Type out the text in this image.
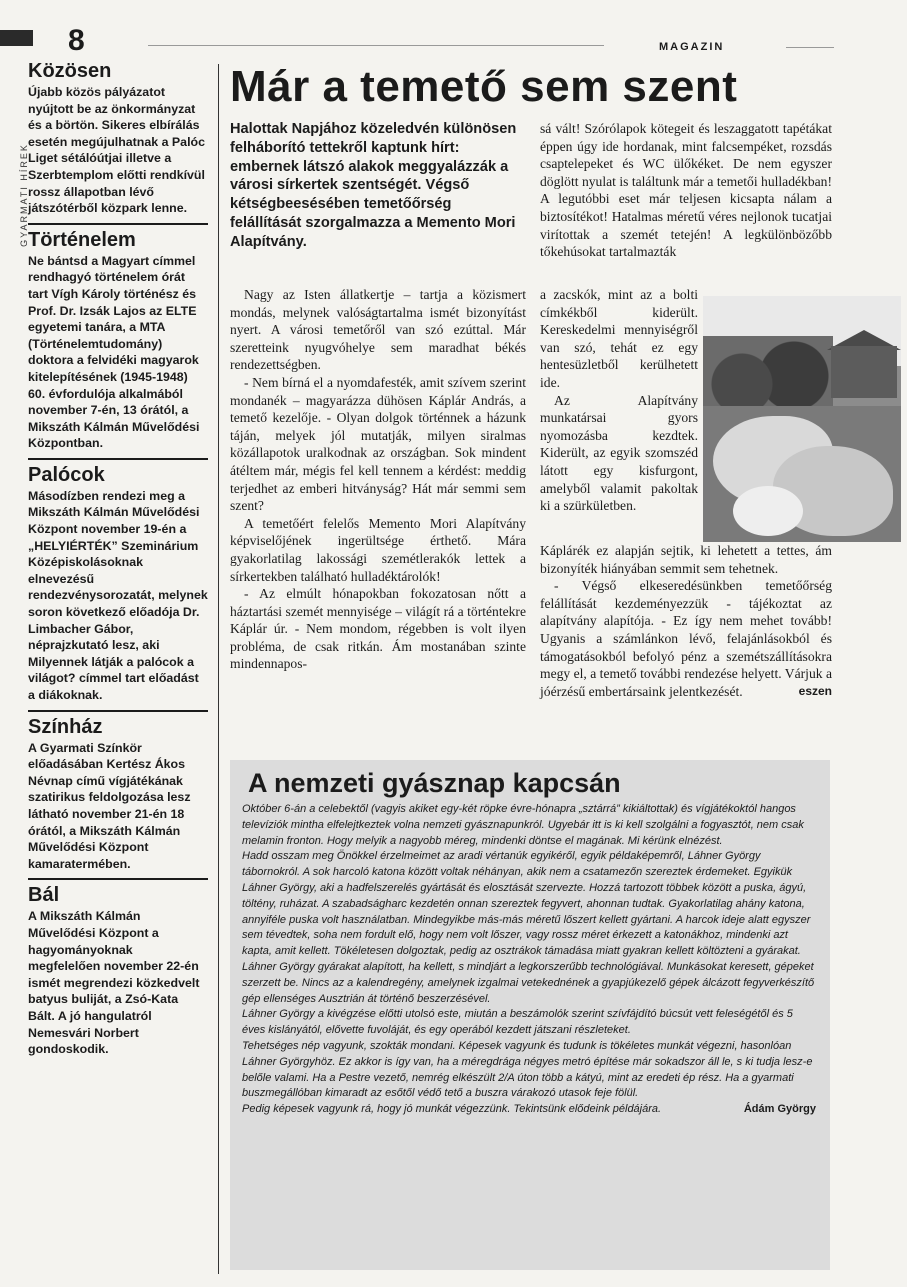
8	MAGAZIN
GYARMATI HÍREK
Közösen

Újabb közös pályázatot nyújtott be az önkormányzat és a börtön. Sikeres elbírálás esetén megújulhatnak a Palóc Liget sétálóútjai illetve a Szerbtemplom előtti rendkívül rossz állapotban lévő játszótérből közpark lenne.

Történelem

Ne bántsd a Magyart címmel rendhagyó történelem órát tart Vígh Károly történész és Prof. Dr. Izsák Lajos az ELTE egyetemi tanára, a MTA (Történelemtudomány) doktora a felvidéki magyarok kitelepítésének (1945-1948) 60. évfordulója alkalmából november 7-én, 13 órától, a Mikszáth Kálmán Művelődési Központban.

Palócok

Másodízben rendezi meg a Mikszáth Kálmán Művelődési Központ november 19-én a „HELYIÉRTÉK” Szeminárium Középiskolásoknak elnevezésű rendezvénysorozatát, melynek soron következő előadója Dr. Limbacher Gábor, néprajzkutató lesz, aki Milyennek látják a palócok a világot? címmel tart előadást a diákoknak.

Színház

A Gyarmati Színkör előadásában Kertész Ákos Névnap című vígjátékának szatirikus feldolgozása lesz látható november 21-én 18 órától, a Mikszáth Kálmán Művelődési Központ kamaratermében.

Bál

A Mikszáth Kálmán Művelődési Központ a hagyományoknak megfelelően november 22-én ismét megrendezi közkedvelt batyus buliját, a Zsó-Kata Bált. A jó hangulatról Nemesvári Norbert gondoskodik.

Már a temető sem szent

Halottak Napjához közeledvén különösen felháborító tettekről kaptunk hírt: embernek látszó alakok meggyalázzák a városi sírkertek szentségét. Végső kétségbeesésében temetőőrség felállítását szorgalmazza a Memento Mori Alapítvány.

Nagy az Isten állatkertje – tartja a közismert mondás, melynek valóságtartalma ismét bizonyítást nyert. A városi temetőről van szó ezúttal. Már szeretteink nyugvóhelye sem maradhat békés rendezettségben.

- Nem bírná el a nyomdafesték, amit szívem szerint mondanék – magyarázza dühösen Káplár András, a temető kezelője. - Olyan dolgok történnek a házunk táján, melyek jól mutatják, milyen siralmas közállapotok uralkodnak az országban. Sok mindent átéltem már, mégis fel kell tennem a kérdést: meddig terjedhet az emberi hitványság? Hát már semmi sem szent?

A temetőért felelős Memento Mori Alapítvány képviselőjének ingerültsége érthető. Mára gyakorlatilag lakossági szemétlerakók lettek a sírkertekben található hulladéktárolók!

- Az elmúlt hónapokban fokozatosan nőtt a háztartási szemét mennyisége – világít rá a történtekre Káplár úr. - Nem mondom, régebben is volt ilyen probléma, de csak ritkán. Ám mostanában szinte mindennapos-

sá vált! Szórólapok kötegeit és leszaggatott tapétákat éppen úgy ide hordanak, mint falcsempéket, rozsdás csaptelepeket és WC ülőkéket. De nem egyszer döglött nyulat is találtunk már a temetői hulladékban! A legutóbbi eset már teljesen kicsapta nálam a biztosítékot! Hatalmas méretű véres nejlonok tucatjai virítottak a szemét tetején! A legkülönbözőbb tőkehúsokat tartalmazták

a zacskók, mint az a bolti címkékből kiderült. Kereskedelmi mennyiségről van szó, tehát ez egy hentesüzletből kerülhetett ide.

Az Alapítvány munkatársai gyors nyomozásba kezdtek. Kiderült, az egyik szomszéd látott egy kisfurgont, amelyből valamit pakoltak ki a szürkületben.

Káplárék ez alapján sejtik, ki lehetett a tettes, ám bizonyíték hiányában semmit sem tehetnek.

- Végső elkeseredésünkben temetőőrség felállítását kezdeményezzük - tájékoztat az alapítvány alapítója. - Ez így nem mehet tovább! Ugyanis a számlánkon lévő, felajánlásokból és támogatásokból befolyó pénz a szemétszállításokra megy el, a temető további rendezése helyett. Várjuk a jóérzésű embertársaink jelentkezését.	eszen

A nemzeti gyásznap kapcsán

Október 6-án a celebektől (vagyis akiket egy-két röpke évre-hónapra „sztárrá” kikiáltottak) és vígjátékoktól hangos televíziók mintha elfelejtkeztek volna nemzeti gyásznapunkról. Ugyebár itt is ki kell szolgálni a fogyasztót, nem csak melamin fronton. Hogy melyik a nagyobb méreg, mindenki döntse el magának. Mi kérünk elnézést.

Hadd osszam meg Önökkel érzelmeimet az aradi vértanúk egyikéről, egyik példaképemről, Láhner György tábornokról. A sok harcoló katona között voltak néhányan, akik nem a csatamezőn szereztek érdemeket. Egyikük Láhner György, aki a hadfelszerelés gyártását és elosztását szervezte. Hozzá tartozott többek között a puska, ágyú, töltény, ruházat. A szabadságharc kezdetén onnan szereztek fegyvert, ahonnan tudtak. Gyakorlatilag ahány katona, annyiféle puska volt használatban. Mindegyikbe más-más méretű lőszert kellett gyártani. A harcok ideje alatt egyszer sem tévedtek, soha nem fordult elő, hogy nem volt lőszer, vagy rossz méret érkezett a katonákhoz, mindenki azt kapta, amit kellett. Tökéletesen dolgoztak, pedig az osztrákok támadása miatt gyakran kellett költözteni a gyárakat.

Láhner György gyárakat alapított, ha kellett, s mindjárt a legkorszerűbb technológiával. Munkásokat keresett, gépeket szerzett be. Nincs az a kalendregény, amelynek izgalmai vetekednének a gyapjúkezelő gépek álcázott fegyverkészítő gép ellenséges Ausztrián át történő beszerzésével.

Láhner György a kivégzése előtti utolsó este, miután a beszámolók szerint szívfájdító búcsút vett feleségétől és 5 éves kislányától, elővette fuvoláját, és egy operából kezdett játszani részleteket.

Tehetséges nép vagyunk, szokták mondani. Képesek vagyunk és tudunk is tökéletes munkát végezni, hasonlóan Láhner Györgyhöz. Ez akkor is így van, ha a méregdrága négyes metró építése már sokadszor áll le, s ki tudja lesz-e belőle valami. Ha a Pestre vezető, nemrég elkészült 2/A úton több a kátyú, mint az eredeti ép rész. Ha a gyarmati buszmegállóban kimaradt az esőtől védő tető a buszra várakozó utasok feje fölül.

Pedig képesek vagyunk rá, hogy jó munkát végezzünk. Tekintsünk elődeink példájára.	Ádám György
